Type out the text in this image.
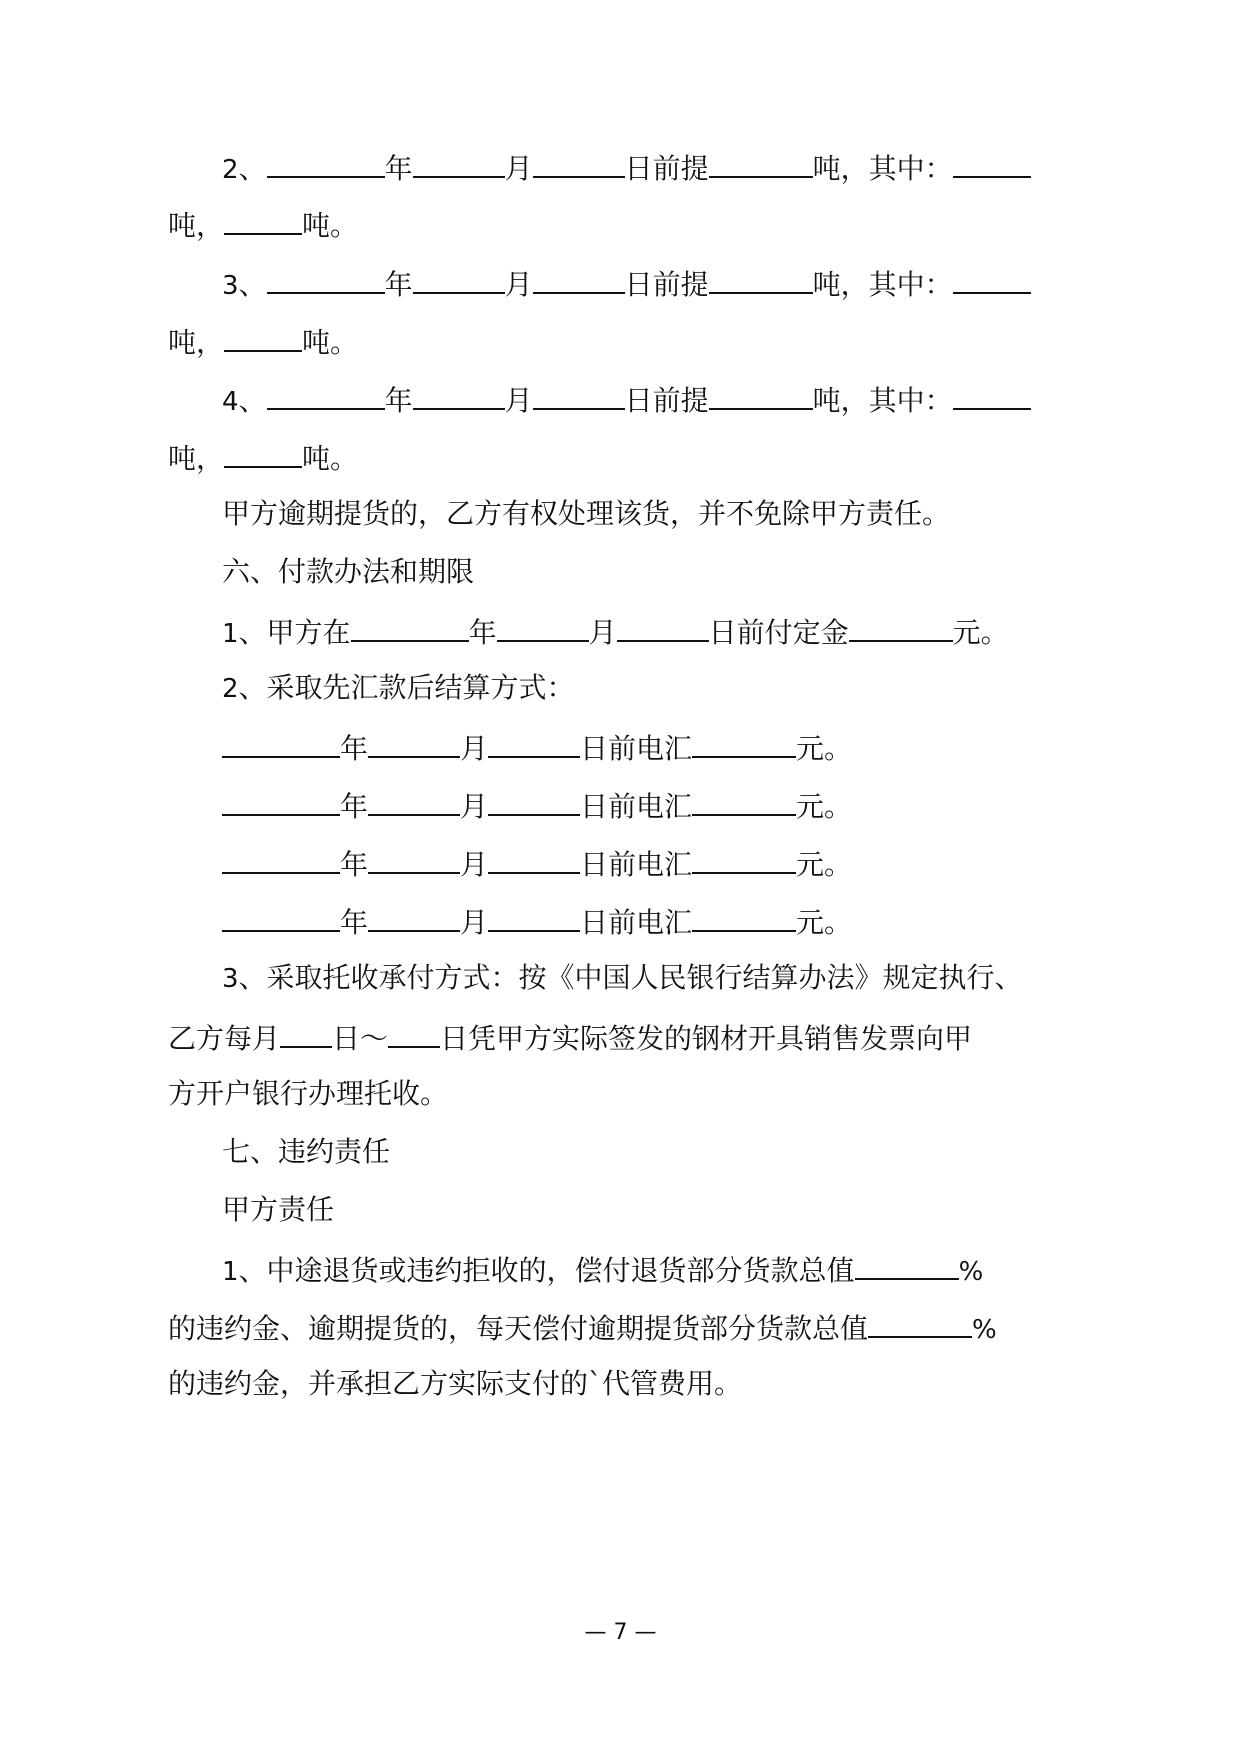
2、	年	月	日前提	吨，其中：
吨，	吨。
3、	年	月	日前提	吨，其中：
吨，	吨。
4、	年	月	日前提	吨，其中：
吨，	吨。
甲方逾期提货的，乙方有权处理该货，并不免除甲方责任。
六、付款办法和期限
1、甲方在	年	月	日前付定金	元。
2、采取先汇款后结算方式：
年	月	日前电汇	元。
年	月	日前电汇	元。
年	月	日前电汇	元。
年	月	日前电汇	元。
3、采取托收承付方式：按《中国人民银行结算办法》规定执行、
乙方每月 日～ 日凭甲方实际签发的钢材开具销售发票向甲
方开户银行办理托收。
七、违约责任
甲方责任
1、中途退货或违约拒收的，偿付退货部分货款总值	%
的违约金、逾期提货的，每天偿付逾期提货部分货款总值	%
的违约金，并承担乙方实际支付的`代管费用。
— 7 —
